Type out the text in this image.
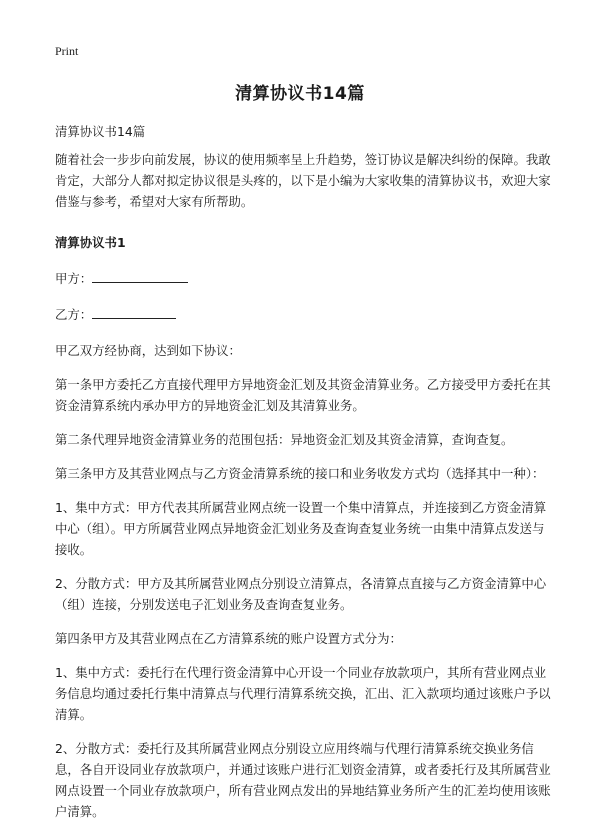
Print
清算协议书14篇

清算协议书14篇

随着社会一步步向前发展，协议的使用频率呈上升趋势，签订协议是解决纠纷的保障。我敢肯定，大部分人都对拟定协议很是头疼的，以下是小编为大家收集的清算协议书，欢迎大家借鉴与参考，希望对大家有所帮助。

清算协议书1

甲方：
乙方：

甲乙双方经协商，达到如下协议：

第一条甲方委托乙方直接代理甲方异地资金汇划及其资金清算业务。乙方接受甲方委托在其资金清算系统内承办甲方的异地资金汇划及其清算业务。

第二条代理异地资金清算业务的范围包括：异地资金汇划及其资金清算，查询查复。

第三条甲方及其营业网点与乙方资金清算系统的接口和业务收发方式均（选择其中一种）：

1、集中方式：甲方代表其所属营业网点统一设置一个集中清算点，并连接到乙方资金清算中心（组）。甲方所属营业网点异地资金汇划业务及查询查复业务统一由集中清算点发送与接收。

2、分散方式：甲方及其所属营业网点分别设立清算点，各清算点直接与乙方资金清算中心（组）连接，分别发送电子汇划业务及查询查复业务。

第四条甲方及其营业网点在乙方清算系统的账户设置方式分为：

1、集中方式：委托行在代理行资金清算中心开设一个同业存放款项户，其所有营业网点业务信息均通过委托行集中清算点与代理行清算系统交换，汇出、汇入款项均通过该账户予以清算。

2、分散方式：委托行及其所属营业网点分别设立应用终端与代理行清算系统交换业务信息，各自开设同业存放款项户，并通过该账户进行汇划资金清算，或者委托行及其所属营业网点设置一个同业存放款项户，所有营业网点发出的异地结算业务所产生的汇差均使用该账户清算。
